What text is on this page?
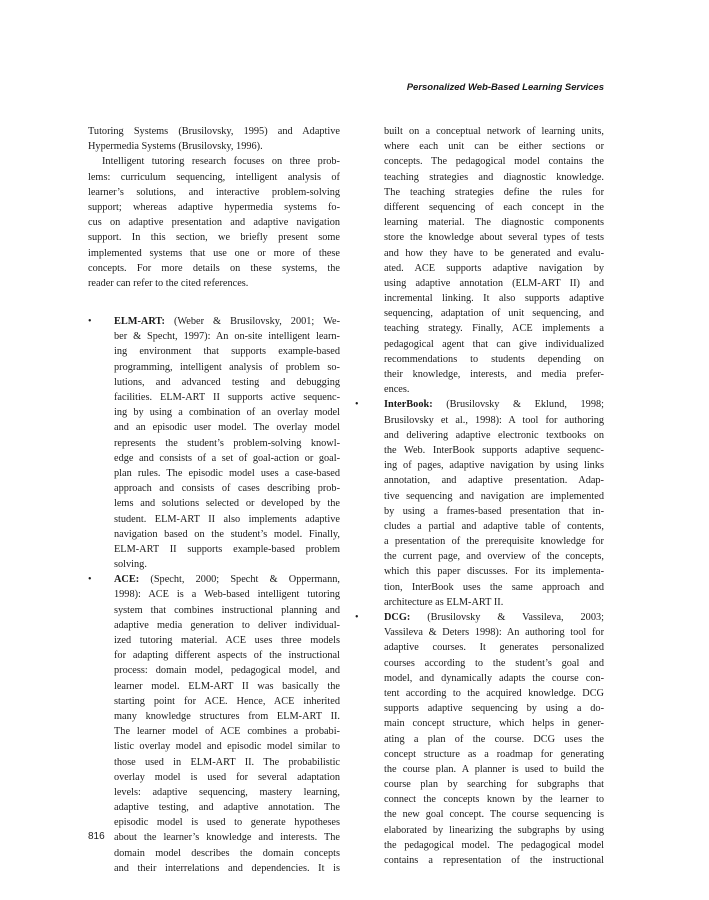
Personalized Web-Based Learning Services
Tutoring Systems (Brusilovsky, 1995) and Adaptive
Hypermedia Systems (Brusilovsky, 1996).
Intelligent tutoring research focuses on three prob-
lems: curriculum sequencing, intelligent analysis of
learner’s solutions, and interactive problem-solving
support; whereas adaptive hypermedia systems fo-
cus on adaptive presentation and adaptive navigation
support. In this section, we briefly present some
implemented systems that use one or more of these
concepts. For more details on these systems, the
reader can refer to the cited references.
• ELM-ART: (Weber & Brusilovsky, 2001; We-
ber & Specht, 1997): An on-site intelligent learn-
ing environment that supports example-based
programming, intelligent analysis of problem so-
lutions, and advanced testing and debugging
facilities. ELM-ART II supports active sequenc-
ing by using a combination of an overlay model
and an episodic user model. The overlay model
represents the student’s problem-solving knowl-
edge and consists of a set of goal-action or goal-
plan rules. The episodic model uses a case-based
approach and consists of cases describing prob-
lems and solutions selected or developed by the
student. ELM-ART II also implements adaptive
navigation based on the student’s model. Finally,
ELM-ART II supports example-based problem
solving.
• ACE: (Specht, 2000; Specht & Oppermann,
1998): ACE is a Web-based intelligent tutoring
system that combines instructional planning and
adaptive media generation to deliver individual-
ized tutoring material. ACE uses three models
for adapting different aspects of the instructional
process: domain model, pedagogical model, and
learner model. ELM-ART II was basically the
starting point for ACE. Hence, ACE inherited
many knowledge structures from ELM-ART II.
The learner model of ACE combines a probabi-
listic overlay model and episodic model similar to
those used in ELM-ART II. The probabilistic
overlay model is used for several adaptation
levels: adaptive sequencing, mastery learning,
adaptive testing, and adaptive annotation. The
episodic model is used to generate hypotheses
about the learner’s knowledge and interests. The
domain model describes the domain concepts
and their interrelations and dependencies. It is
built on a conceptual network of learning units,
where each unit can be either sections or
concepts. The pedagogical model contains the
teaching strategies and diagnostic knowledge.
The teaching strategies define the rules for
different sequencing of each concept in the
learning material. The diagnostic components
store the knowledge about several types of tests
and how they have to be generated and evalu-
ated. ACE supports adaptive navigation by
using adaptive annotation (ELM-ART II) and
incremental linking. It also supports adaptive
sequencing, adaptation of unit sequencing, and
teaching strategy. Finally, ACE implements a
pedagogical agent that can give individualized
recommendations to students depending on
their knowledge, interests, and media prefer-
ences.
• InterBook: (Brusilovsky & Eklund, 1998;
Brusilovsky et al., 1998): A tool for authoring
and delivering adaptive electronic textbooks on
the Web. InterBook supports adaptive sequenc-
ing of pages, adaptive navigation by using links
annotation, and adaptive presentation. Adap-
tive sequencing and navigation are implemented
by using a frames-based presentation that in-
cludes a partial and adaptive table of contents,
a presentation of the prerequisite knowledge for
the current page, and overview of the concepts,
which this paper discusses. For its implementa-
tion, InterBook uses the same approach and
architecture as ELM-ART II.
• DCG: (Brusilovsky & Vassileva, 2003;
Vassileva & Deters 1998): An authoring tool for
adaptive courses. It generates personalized
courses according to the student’s goal and
model, and dynamically adapts the course con-
tent according to the acquired knowledge. DCG
supports adaptive sequencing by using a do-
main concept structure, which helps in gener-
ating a plan of the course. DCG uses the
concept structure as a roadmap for generating
the course plan. A planner is used to build the
course plan by searching for subgraphs that
connect the concepts known by the learner to
the new goal concept. The course sequencing is
elaborated by linearizing the subgraphs by using
the pedagogical model. The pedagogical model
contains a representation of the instructional
816
